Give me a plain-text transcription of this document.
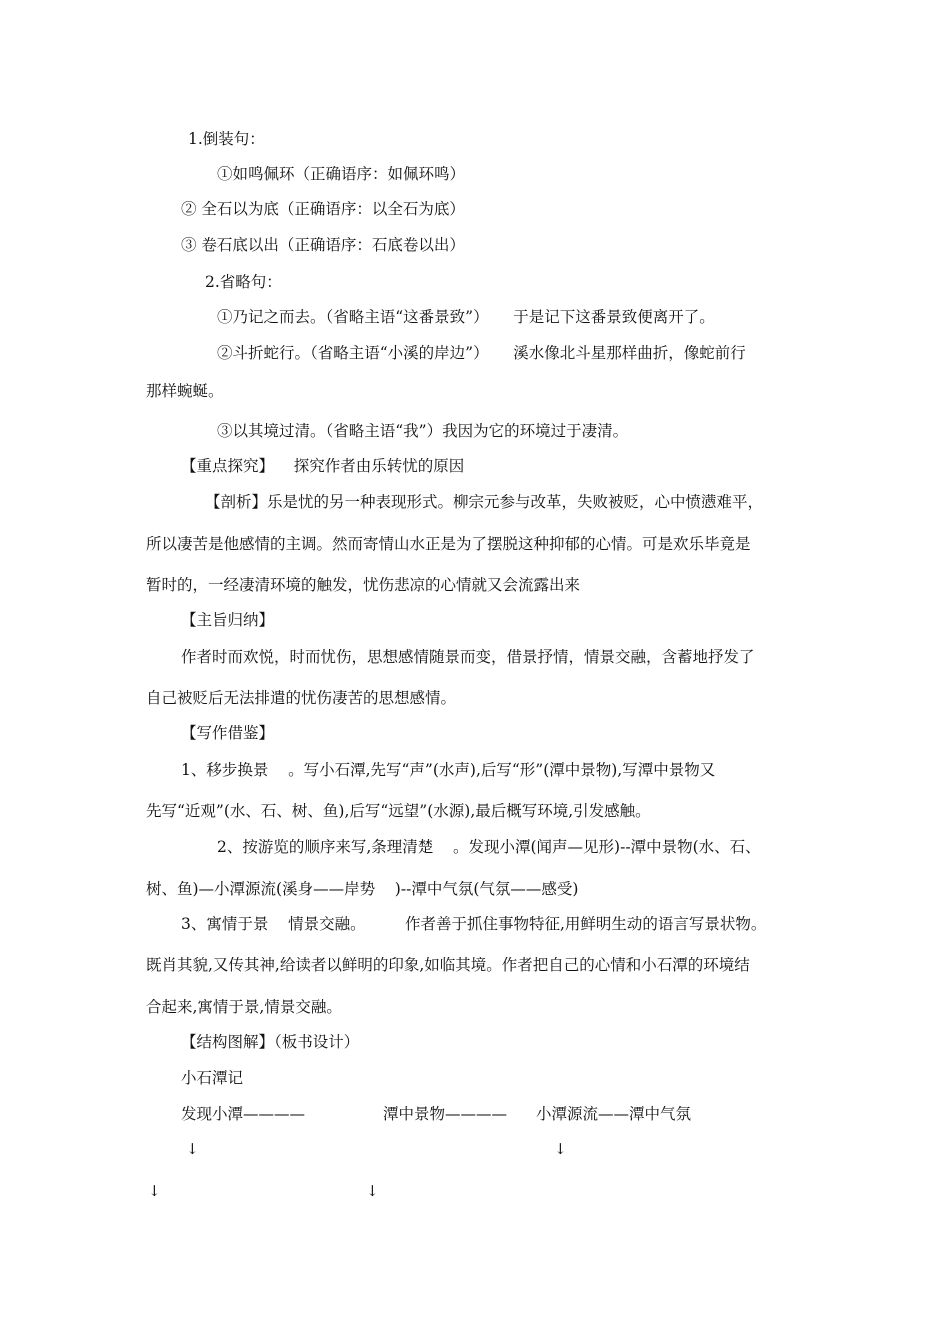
1.倒装句：
①如鸣佩环（正确语序：如佩环鸣）
② 全石以为底（正确语序：以全石为底）
③ 卷石底以出（正确语序：石底卷以出）
2.省略句：
①乃记之而去。（省略主语“这番景致”）     于是记下这番景致便离开了。
②斗折蛇行。（省略主语“小溪的岸边”）     溪水像北斗星那样曲折，像蛇前行
那样蜿蜒。
③以其境过清。（省略主语“我”）我因为它的环境过于凄清。
【重点探究】    探究作者由乐转忧的原因
【剖析】乐是忧的另一种表现形式。柳宗元参与改革，失败被贬，心中愤懑难平，
所以凄苦是他感情的主调。然而寄情山水正是为了摆脱这种抑郁的心情。可是欢乐毕竟是
暂时的，一经凄清环境的触发，忧伤悲凉的心情就又会流露出来
【主旨归纳】
作者时而欢悦，时而忧伤，思想感情随景而变，借景抒情，情景交融，含蓄地抒发了
自己被贬后无法排遣的忧伤凄苦的思想感情。
【写作借鉴】
1、移步换景    。写小石潭,先写“声”(水声),后写“形”(潭中景物),写潭中景物又
先写“近观”(水、石、树、鱼),后写“远望”(水源),最后概写环境,引发感触。
2、按游览的顺序来写,条理清楚    。发现小潭(闻声—见形)--潭中景物(水、石、
树、鱼)—小潭源流(溪身——岸势    )--潭中气氛(气氛——感受)
3、寓情于景    情景交融。        作者善于抓住事物特征,用鲜明生动的语言写景状物。
既肖其貌,又传其神,给读者以鲜明的印象,如临其境。作者把自己的心情和小石潭的环境结
合起来,寓情于景,情景交融。
【结构图解】（板书设计）
小石潭记
发现小潭————	潭中景物———— 小潭源流——潭中气氛
↓	↓
↓	↓
